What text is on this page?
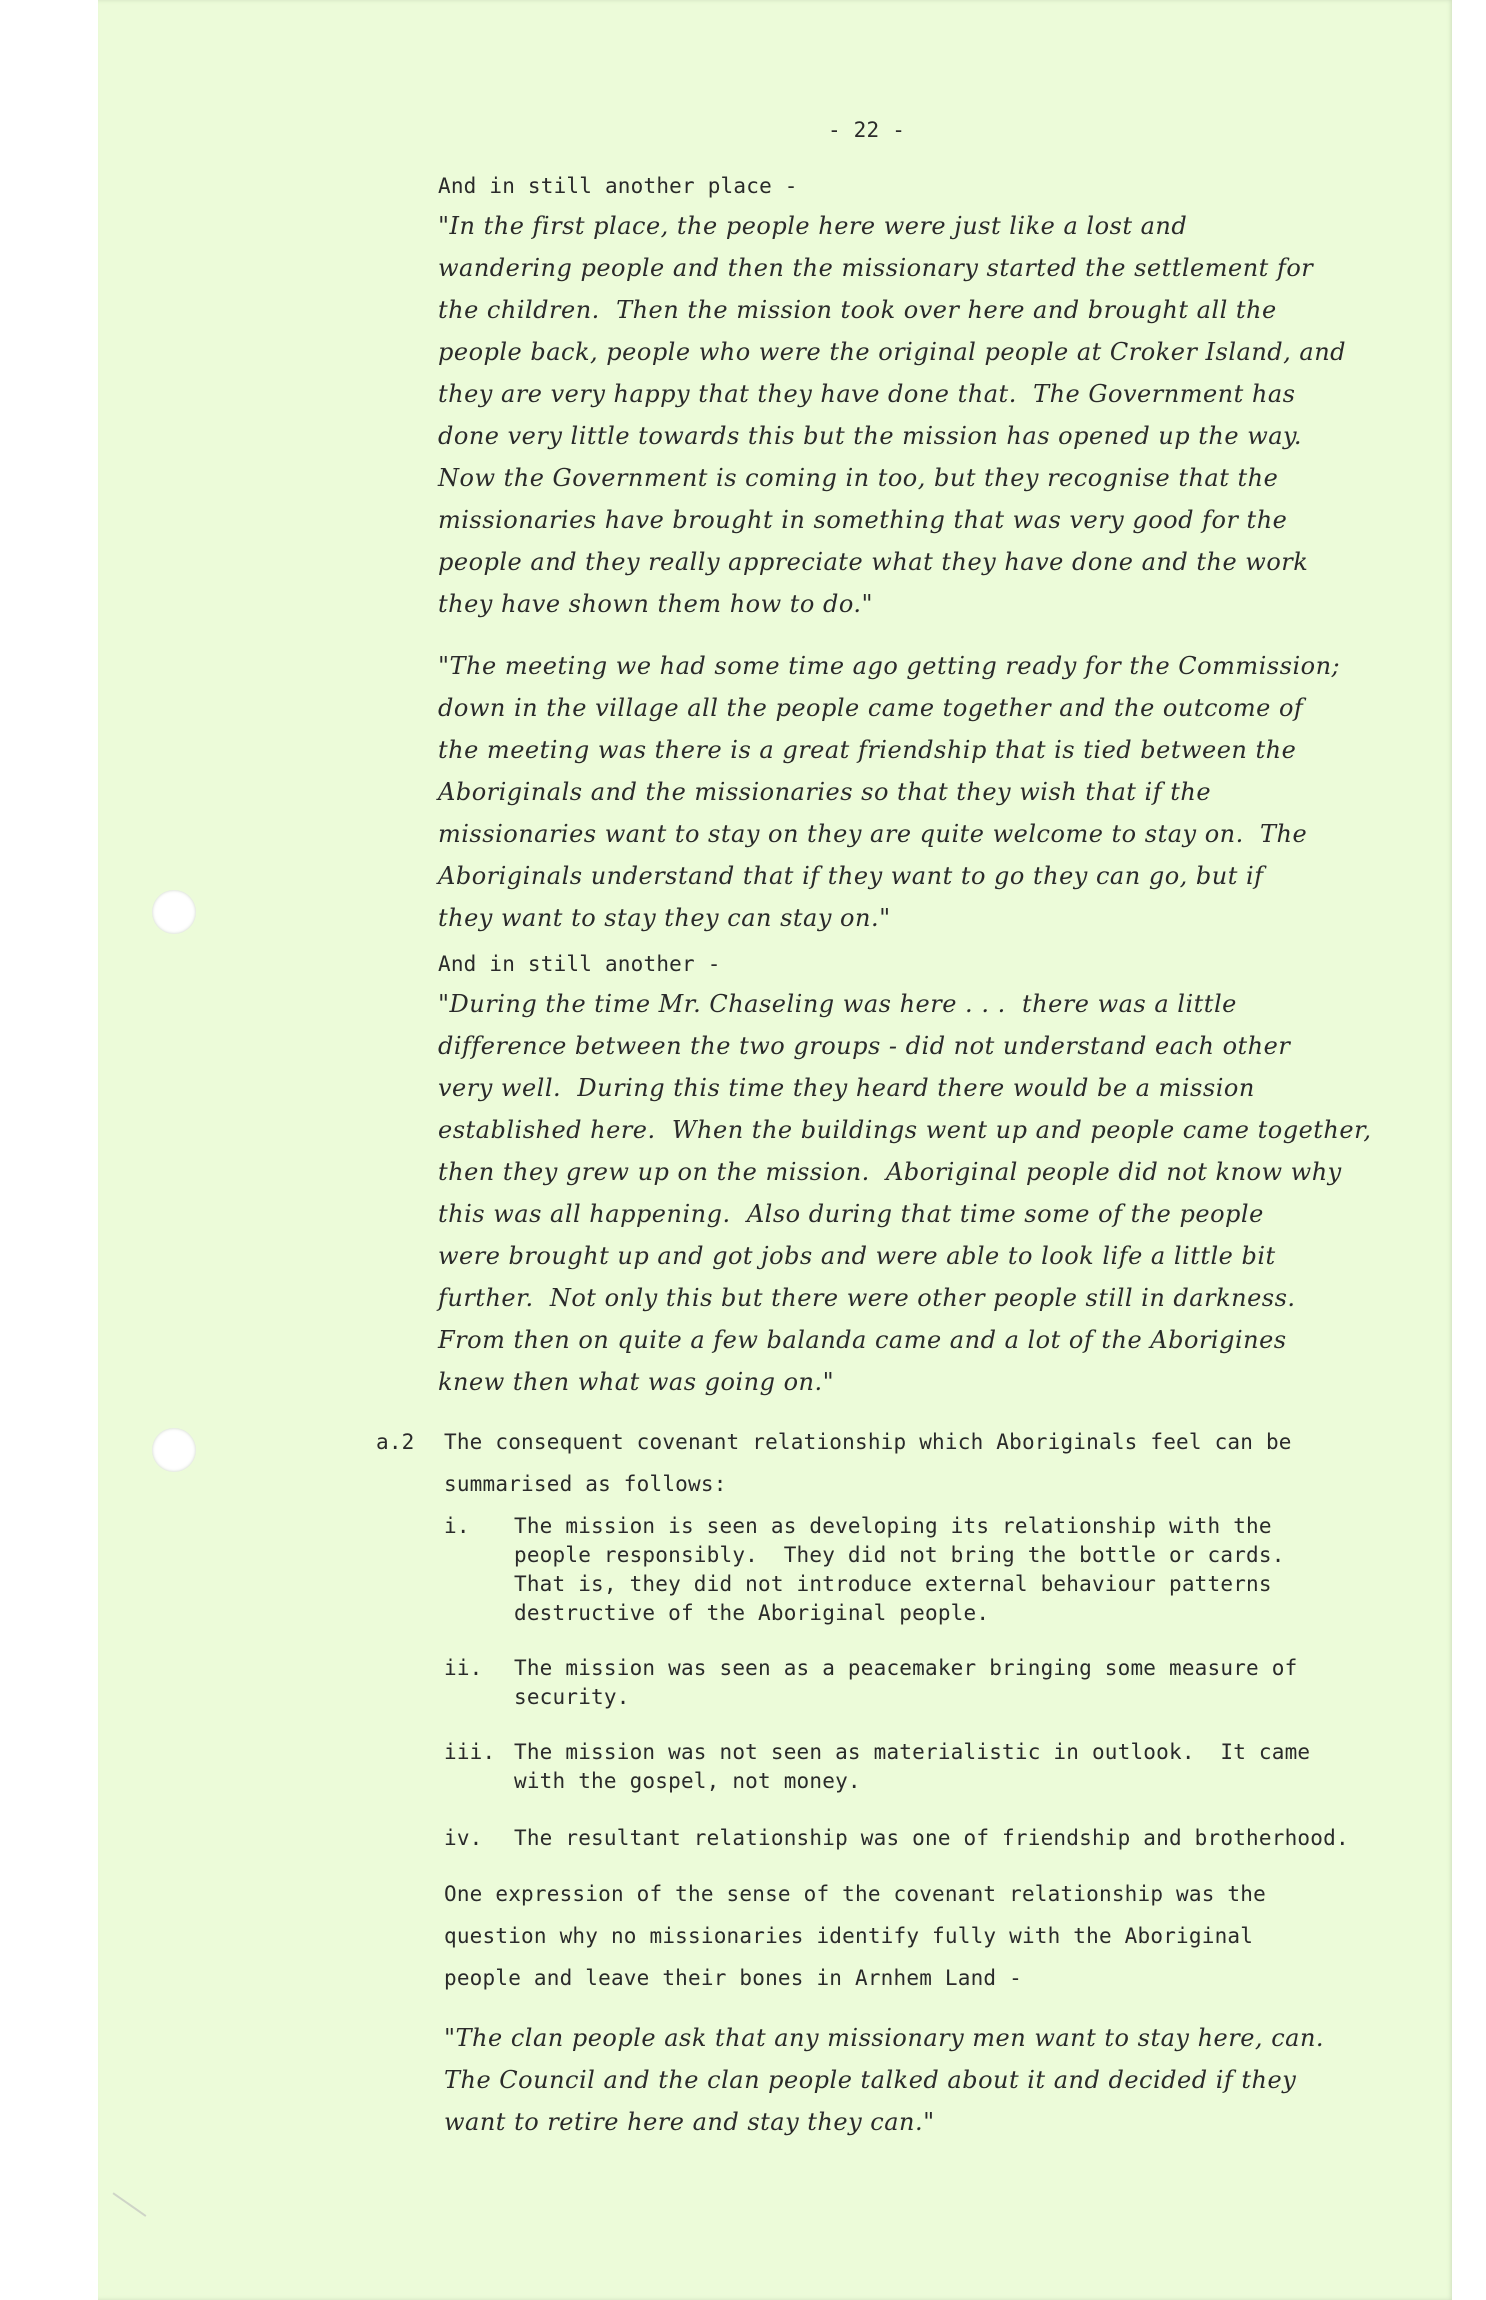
- 22 -
And in still another place -
"In the first place, the people here were just like a lost and
wandering people and then the missionary started the settlement for
the children.  Then the mission took over here and brought all the
people back, people who were the original people at Croker Island, and
they are very happy that they have done that.  The Government has
done very little towards this but the mission has opened up the way.
Now the Government is coming in too, but they recognise that the
missionaries have brought in something that was very good for the
people and they really appreciate what they have done and the work
they have shown them how to do."
"The meeting we had some time ago getting ready for the Commission;
down in the village all the people came together and the outcome of
the meeting was there is a great friendship that is tied between the
Aboriginals and the missionaries so that they wish that if the
missionaries want to stay on they are quite welcome to stay on.  The
Aboriginals understand that if they want to go they can go, but if
they want to stay they can stay on."
And in still another -
"During the time Mr. Chaseling was here . . .  there was a little
difference between the two groups - did not understand each other
very well.  During this time they heard there would be a mission
established here.  When the buildings went up and people came together,
then they grew up on the mission.  Aboriginal people did not know why
this was all happening.  Also during that time some of the people
were brought up and got jobs and were able to look life a little bit
further.  Not only this but there were other people still in darkness.
From then on quite a few balanda came and a lot of the Aborigines
knew then what was going on."
a.2 The consequent covenant relationship which Aboriginals feel can be
summarised as follows:
i. The mission is seen as developing its relationship with the
people responsibly.  They did not bring the bottle or cards.
That is, they did not introduce external behaviour patterns
destructive of the Aboriginal people.
ii. The mission was seen as a peacemaker bringing some measure of
security.
iii. The mission was not seen as materialistic in outlook.  It came
with the gospel, not money.
iv. The resultant relationship was one of friendship and brotherhood.
One expression of the sense of the covenant relationship was the
question why no missionaries identify fully with the Aboriginal
people and leave their bones in Arnhem Land -
"The clan people ask that any missionary men want to stay here, can.
The Council and the clan people talked about it and decided if they
want to retire here and stay they can."
